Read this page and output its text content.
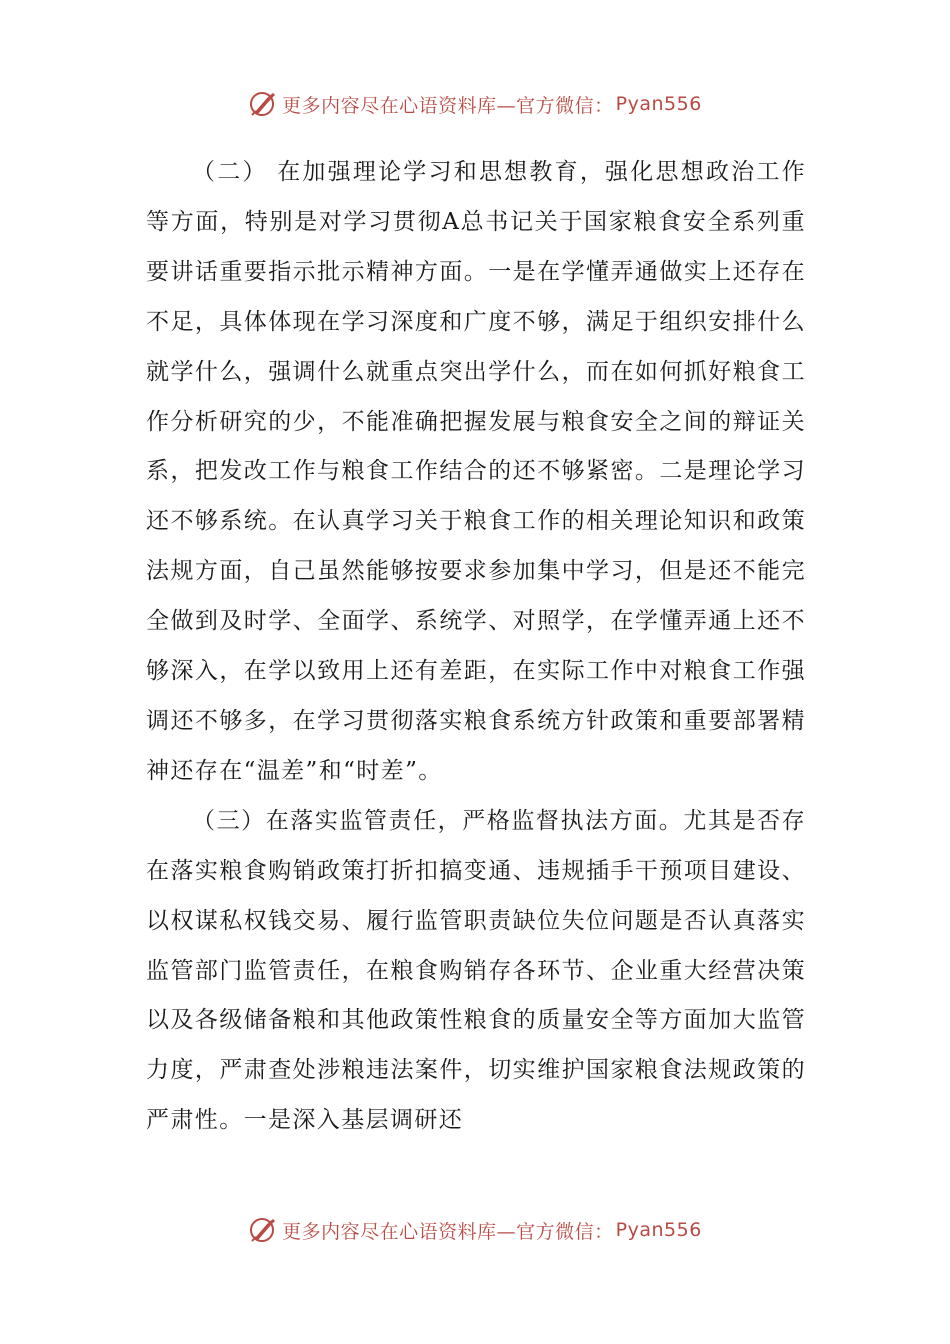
更多内容尽在心语资料库—官方微信： Pyan556

（二） 在加强理论学习和思想教育，强化思想政治工作等方面，特别是对学习贯彻A总书记关于国家粮食安全系列重要讲话重要指示批示精神方面。一是在学懂弄通做实上还存在不足，具体体现在学习深度和广度不够，满足于组织安排什么就学什么，强调什么就重点突出学什么，而在如何抓好粮食工作分析研究的少，不能准确把握发展与粮食安全之间的辩证关系，把发改工作与粮食工作结合的还不够紧密。二是理论学习还不够系统。在认真学习关于粮食工作的相关理论知识和政策法规方面，自己虽然能够按要求参加集中学习，但是还不能完全做到及时学、全面学、系统学、对照学，在学懂弄通上还不够深入，在学以致用上还有差距，在实际工作中对粮食工作强调还不够多，在学习贯彻落实粮食系统方针政策和重要部署精神还存在“温差”和“时差”。

（三）在落实监管责任，严格监督执法方面。尤其是否存在落实粮食购销政策打折扣搞变通、违规插手干预项目建设、以权谋私权钱交易、履行监管职责缺位失位问题是否认真落实监管部门监管责任，在粮食购销存各环节、企业重大经营决策以及各级储备粮和其他政策性粮食的质量安全等方面加大监管力度，严肃查处涉粮违法案件，切实维护国家粮食法规政策的严肃性。一是深入基层调研还

更多内容尽在心语资料库—官方微信： Pyan556
